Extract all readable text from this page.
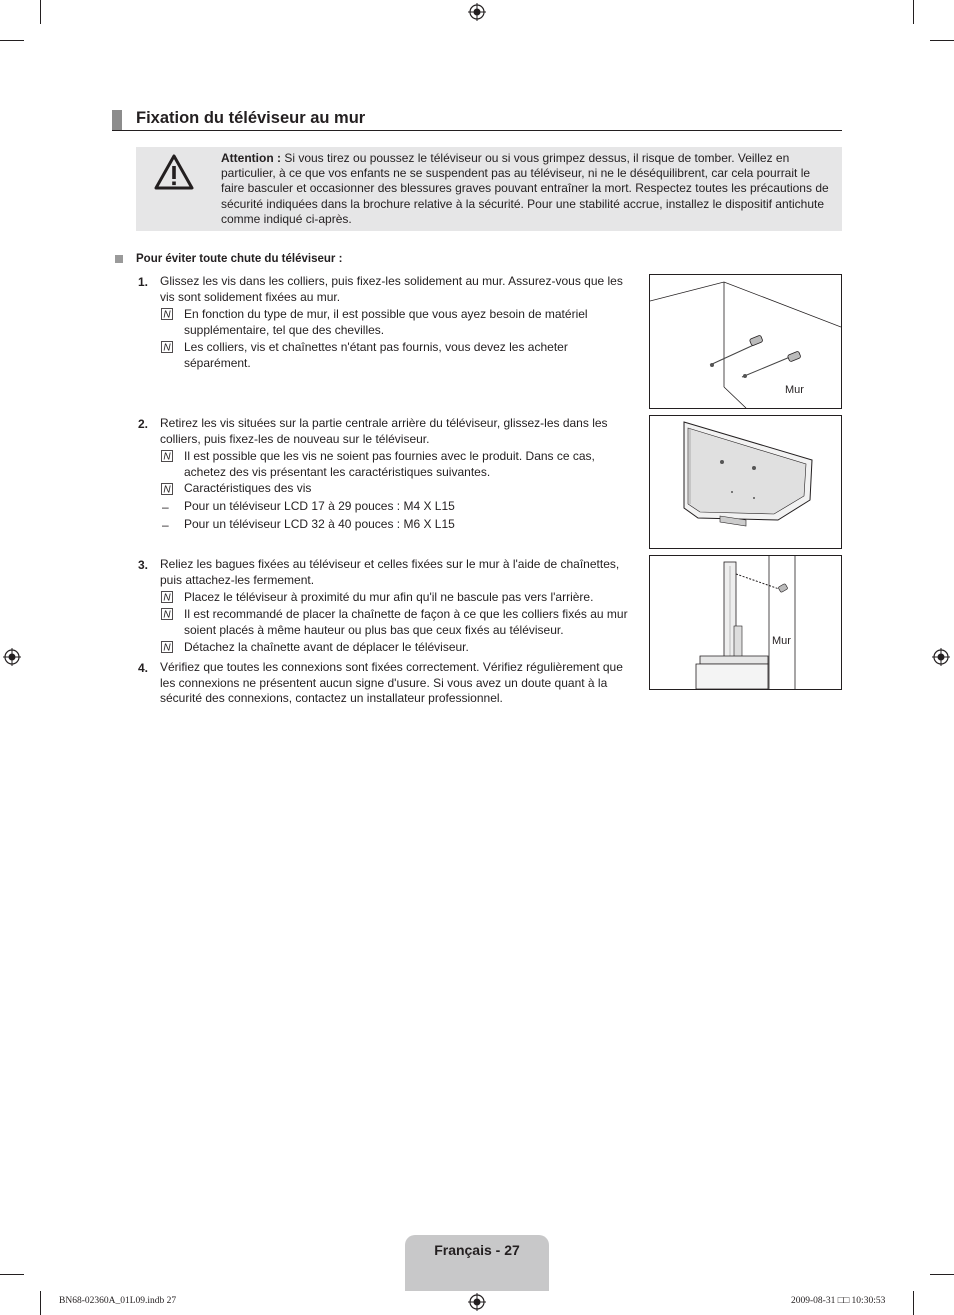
Fixation du téléviseur au mur
Attention : Si vous tirez ou poussez le téléviseur ou si vous grimpez dessus, il risque de tomber. Veillez en particulier, à ce que vos enfants ne se suspendent pas au téléviseur, ni ne le déséquilibrent, car cela pourrait le faire basculer et occasionner des blessures graves pouvant entraîner la mort. Respectez toutes les précautions de sécurité indiquées dans la brochure relative à la sécurité. Pour une stabilité accrue, installez le dispositif antichute comme indiqué ci-après.
Pour éviter toute chute du téléviseur :
1. Glissez les vis dans les colliers, puis fixez-les solidement au mur. Assurez-vous que les vis sont solidement fixées au mur.
N En fonction du type de mur, il est possible que vous ayez besoin de matériel supplémentaire, tel que des chevilles.
N Les colliers, vis et chaînettes n'étant pas fournis, vous devez les acheter séparément.
2. Retirez les vis situées sur la partie centrale arrière du téléviseur, glissez-les dans les colliers, puis fixez-les de nouveau sur le téléviseur.
N Il est possible que les vis ne soient pas fournies avec le produit. Dans ce cas, achetez des vis présentant les caractéristiques suivantes.
N Caractéristiques des vis
– Pour un téléviseur LCD 17 à 29 pouces : M4 X L15
– Pour un téléviseur LCD 32 à 40 pouces : M6 X L15
3. Reliez les bagues fixées au téléviseur et celles fixées sur le mur à l'aide de chaînettes, puis attachez-les fermement.
N Placez le téléviseur à proximité du mur afin qu'il ne bascule pas vers l'arrière.
N Il est recommandé de placer la chaînette de façon à ce que les colliers fixés au mur soient placés à même hauteur ou plus bas que ceux fixés au téléviseur.
N Détachez la chaînette avant de déplacer le téléviseur.
4. Vérifiez que toutes les connexions sont fixées correctement. Vérifiez régulièrement que les connexions ne présentent aucun signe d'usure. Si vous avez un doute quant à la sécurité des connexions, contactez un installateur professionnel.
Mur
Mur
Français - 27
BN68-02360A_01L09.indb 27	2009-08-31 □□ 10:30:53
